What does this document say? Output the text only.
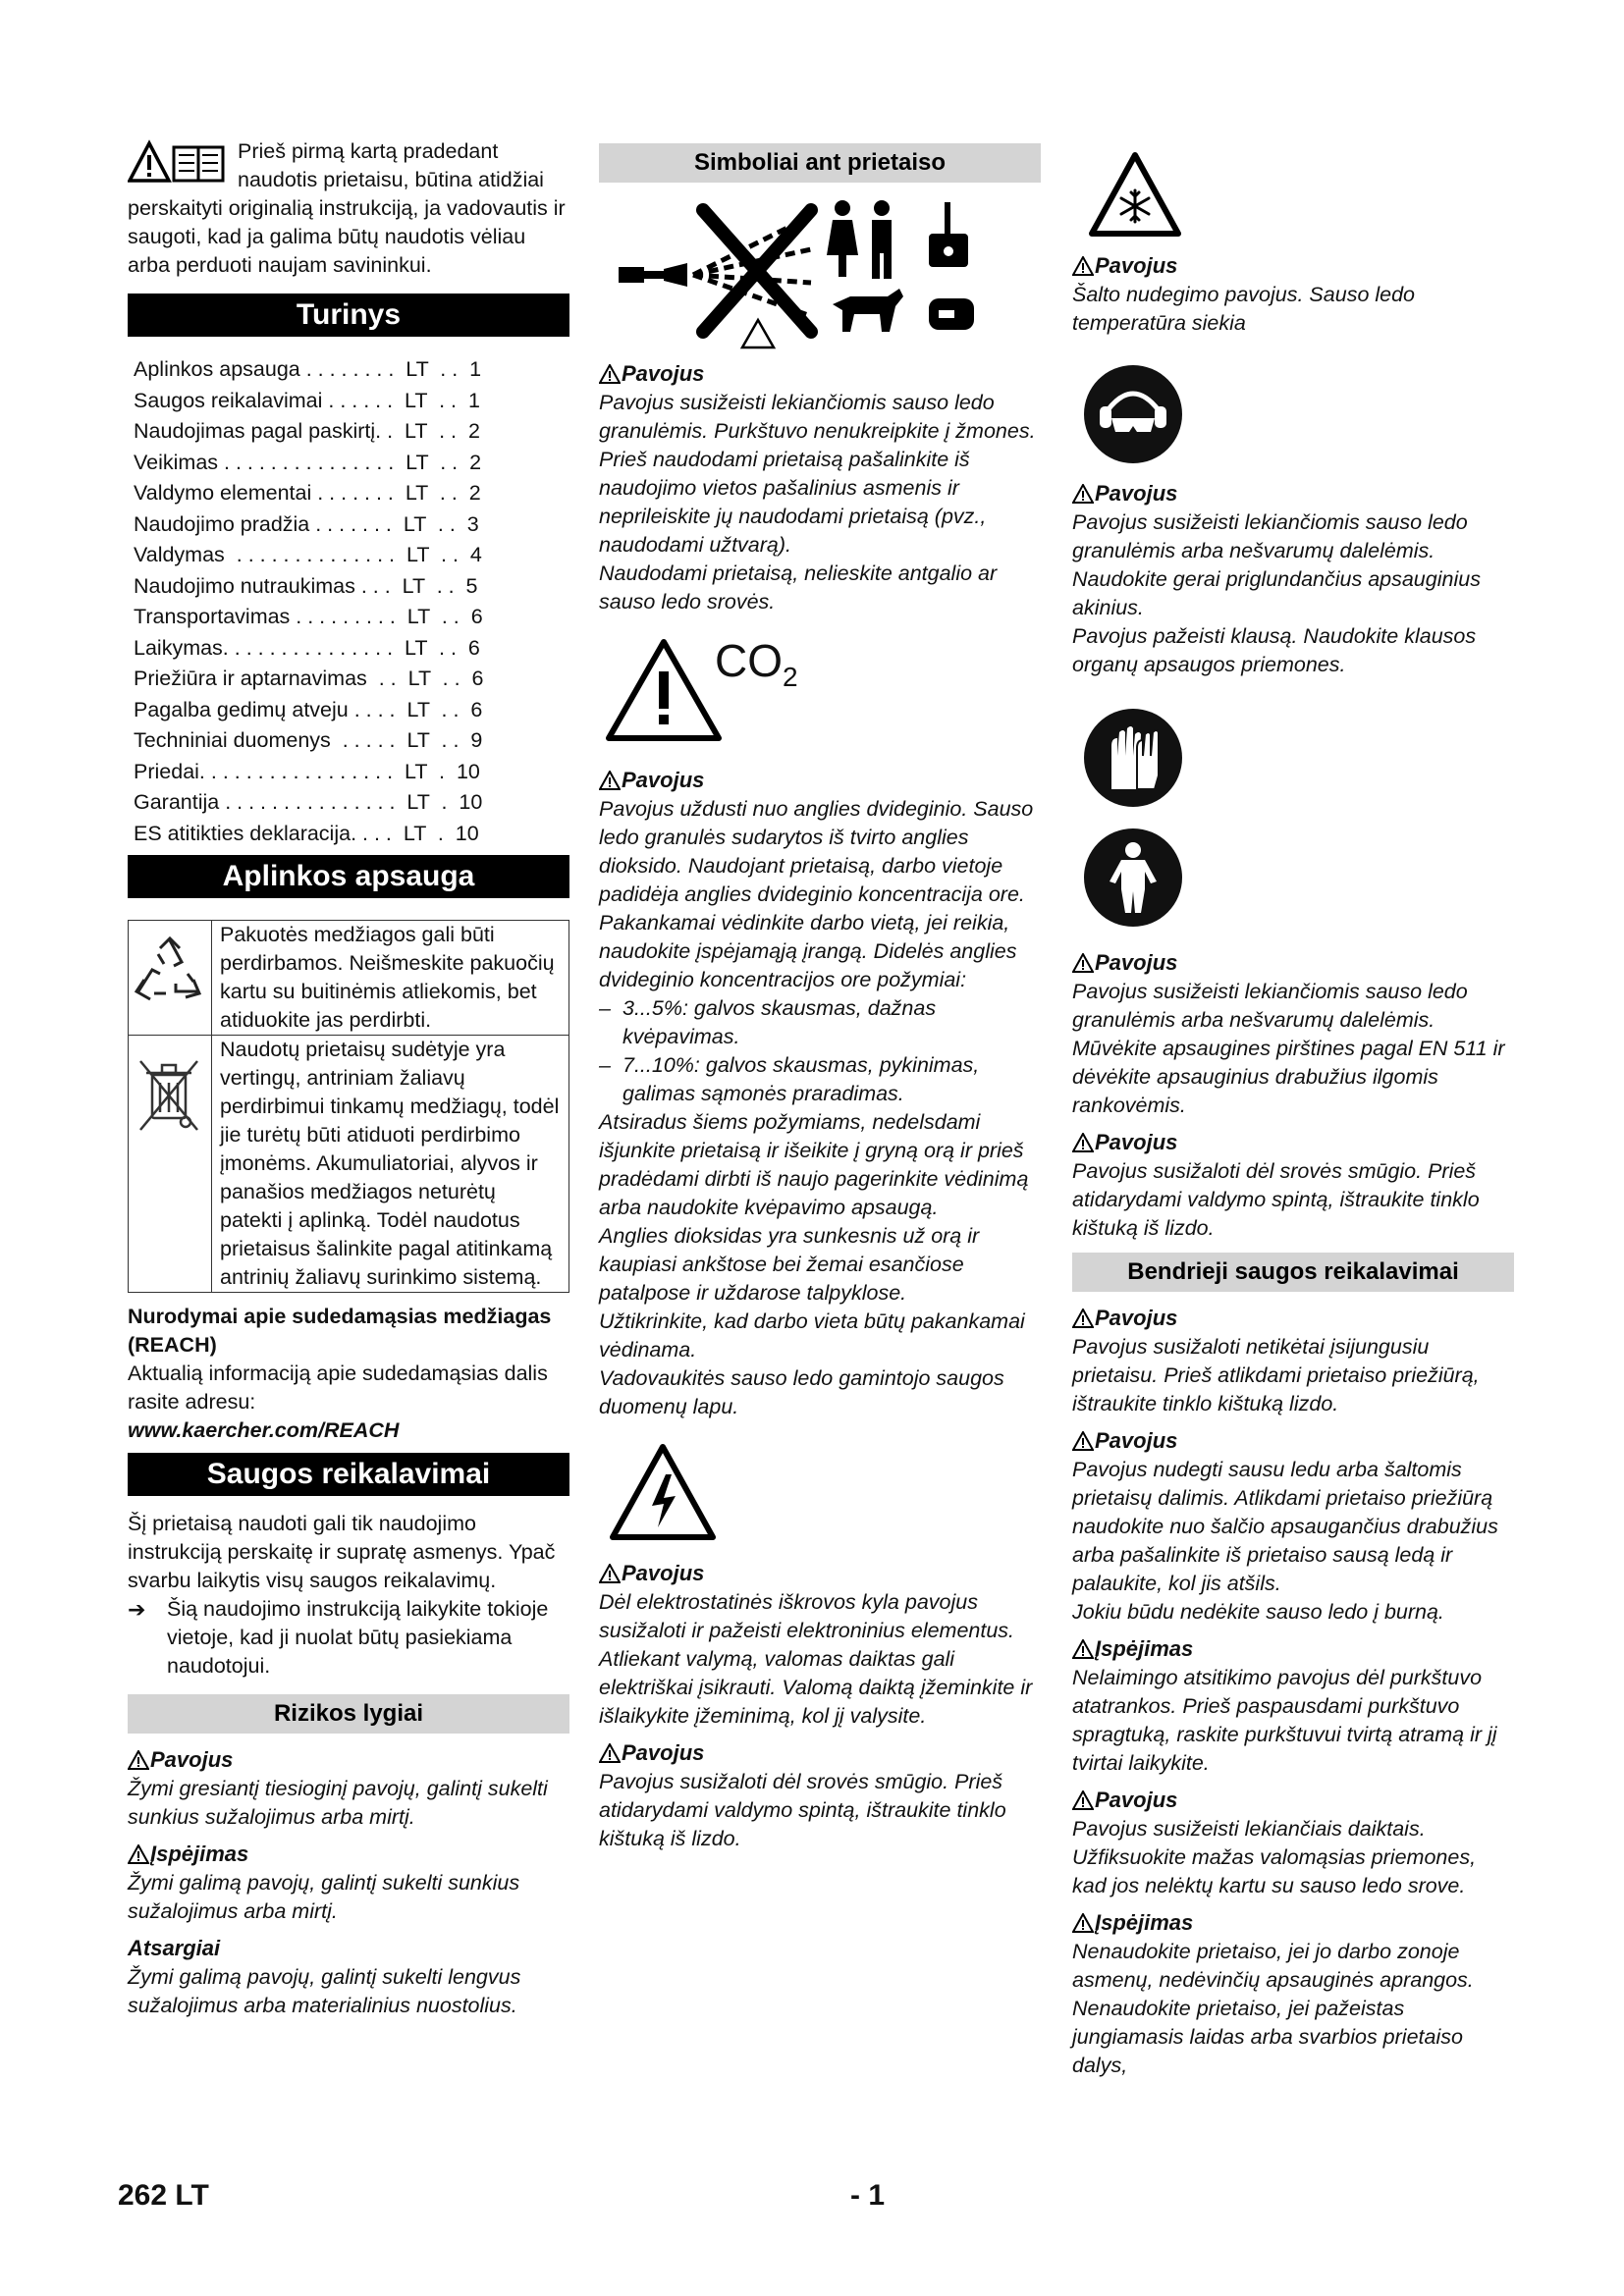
Prieš pirmą kartą pradedant

naudotis prietaisu, būtina atidžiai perskaityti originalią instrukciją, ja vadovautis ir saugoti, kad ja galima būtų naudotis vėliau arba perduoti naujam savininkui.

Turinys
Aplinkos apsauga . . . . . . . .  LT  . .  1
Saugos reikalavimai . . . . . .  LT  . .  1
Naudojimas pagal paskirtį. .  LT  . .  2
Veikimas . . . . . . . . . . . . . . .  LT  . .  2
Valdymo elementai . . . . . . .  LT  . .  2
Naudojimo pradžia . . . . . . .  LT  . .  3
Valdymas  . . . . . . . . . . . . . .  LT  . .  4
Naudojimo nutraukimas . . .  LT  . .  5
Transportavimas . . . . . . . . .  LT  . .  6
Laikymas. . . . . . . . . . . . . . .  LT  . .  6
Priežiūra ir aptarnavimas  . .  LT  . .  6
Pagalba gedimų atveju . . . .  LT  . .  6
Techniniai duomenys  . . . . .  LT  . .  9
Priedai. . . . . . . . . . . . . . . . .  LT  .  10
Garantija . . . . . . . . . . . . . . .  LT  .  10
ES atitikties deklaracija. . . .  LT  .  10
Aplinkos apsauga
	Pakuotės medžiagos gali būti perdirbamos. Neišmeskite pakuočių kartu su buitinėmis atliekomis, bet atiduokite jas perdirbti.
	Naudotų prietaisų sudėtyje yra vertingų, antriniam žaliavų perdirbimui tinkamų medžiagų, todėl jie turėtų būti atiduoti perdirbimo įmonėms. Akumuliatoriai, alyvos ir panašios medžiagos neturėtų patekti į aplinką. Todėl naudotus prietaisus šalinkite pagal atitinkamą antrinių žaliavų surinkimo sistemą.

Nurodymai apie sudedamąsias medžiagas (REACH)

Aktualią informaciją apie sudedamąsias dalis rasite adresu:

www.kaercher.com/REACH

Saugos reikalavimai

Šį prietaisą naudoti gali tik naudojimo instrukciją perskaitę ir supratę asmenys. Ypač svarbu laikytis visų saugos reikalavimų.

➔	Šią naudojimo instrukciją laikykite tokioje vietoje, kad ji nuolat būtų pasiekiama naudotojui.
Rizikos lygiai

Pavojus

Žymi gresiantį tiesioginį pavojų, galintį sukelti sunkius sužalojimus arba mirtį.

Įspėjimas

Žymi galimą pavojų, galintį sukelti sunkius sužalojimus arba mirtį.

Atsargiai

Žymi galimą pavojų, galintį sukelti lengvus sužalojimus arba materialinius nuostolius.

Simboliai ant prietaiso

Pavojus

Pavojus susižeisti lekiančiomis sauso ledo granulėmis. Purkštuvo nenukreipkite į žmones. Prieš naudodami prietaisą pašalinkite iš naudojimo vietos pašalinius asmenis ir neprileiskite jų naudodami prietaisą (pvz., naudodami užtvarą).

Naudodami prietaisą, nelieskite antgalio ar sauso ledo srovės.

$CO_2$

Pavojus

Pavojus uždusti nuo anglies dvideginio. Sauso ledo granulės sudarytos iš tvirto anglies dioksido. Naudojant prietaisą, darbo vietoje padidėja anglies dvideginio koncentracija ore. Pakankamai vėdinkite darbo vietą, jei reikia, naudokite įspėjamąją įrangą. Didelės anglies dvideginio koncentracijos ore požymiai:

– 3...5%: galvos skausmas, dažnas kvėpavimas.
– 7...10%: galvos skausmas, pykinimas, galimas sąmonės praradimas.

Atsiradus šiems požymiams, nedelsdami išjunkite prietaisą ir išeikite į gryną orą ir prieš pradėdami dirbti iš naujo pagerinkite vėdinimą arba naudokite kvėpavimo apsaugą.

Anglies dioksidas yra sunkesnis už orą ir kaupiasi ankštose bei žemai esančiose patalpose ir uždarose talpyklose.

Užtikrinkite, kad darbo vieta būtų pakankamai vėdinama.

Vadovaukitės sauso ledo gamintojo saugos duomenų lapu.

Pavojus

Dėl elektrostatinės iškrovos kyla pavojus susižaloti ir pažeisti elektroninius elementus. Atliekant valymą, valomas daiktas gali elektriškai įsikrauti. Valomą daiktą įžeminkite ir išlaikykite įžeminimą, kol jį valysite.

Pavojus

Pavojus susižaloti dėl srovės smūgio. Prieš atidarydami valdymo spintą, ištraukite tinklo kištuką iš lizdo.

Pavojus

Šalto nudegimo pavojus. Sauso ledo temperatūra siekia

Pavojus

Pavojus susižeisti lekiančiomis sauso ledo granulėmis arba nešvarumų dalelėmis. Naudokite gerai priglundančius apsauginius akinius.

Pavojus pažeisti klausą. Naudokite klausos organų apsaugos priemones.

Pavojus

Pavojus susižeisti lekiančiomis sauso ledo granulėmis arba nešvarumų dalelėmis. Mūvėkite apsaugines pirštines pagal EN 511 ir dėvėkite apsauginius drabužius ilgomis rankovėmis.

Pavojus

Pavojus susižaloti dėl srovės smūgio. Prieš atidarydami valdymo spintą, ištraukite tinklo kištuką iš lizdo.

Bendrieji saugos reikalavimai

Pavojus

Pavojus susižaloti netikėtai įsijungusiu prietaisu. Prieš atlikdami prietaiso priežiūrą, ištraukite tinklo kištuką lizdo.

Pavojus

Pavojus nudegti sausu ledu arba šaltomis prietaisų dalimis. Atlikdami prietaiso priežiūrą naudokite nuo šalčio apsaugančius drabužius arba pašalinkite iš prietaiso sausą ledą ir palaukite, kol jis atšils.

Jokiu būdu nedėkite sauso ledo į burną.

Įspėjimas

Nelaimingo atsitikimo pavojus dėl purkštuvo atatrankos. Prieš paspausdami purkštuvo spragtuką, raskite purkštuvui tvirtą atramą ir jį tvirtai laikykite.

Pavojus

Pavojus susižeisti lekiančiais daiktais. Užfiksuokite mažas valomąsias priemones, kad jos nelėktų kartu su sauso ledo srove.

Įspėjimas

Nenaudokite prietaiso, jei jo darbo zonoje asmenų, nedėvinčių apsauginės aprangos. Nenaudokite prietaiso, jei pažeistas jungiamasis laidas arba svarbios prietaiso dalys,

262 LT	- 1
